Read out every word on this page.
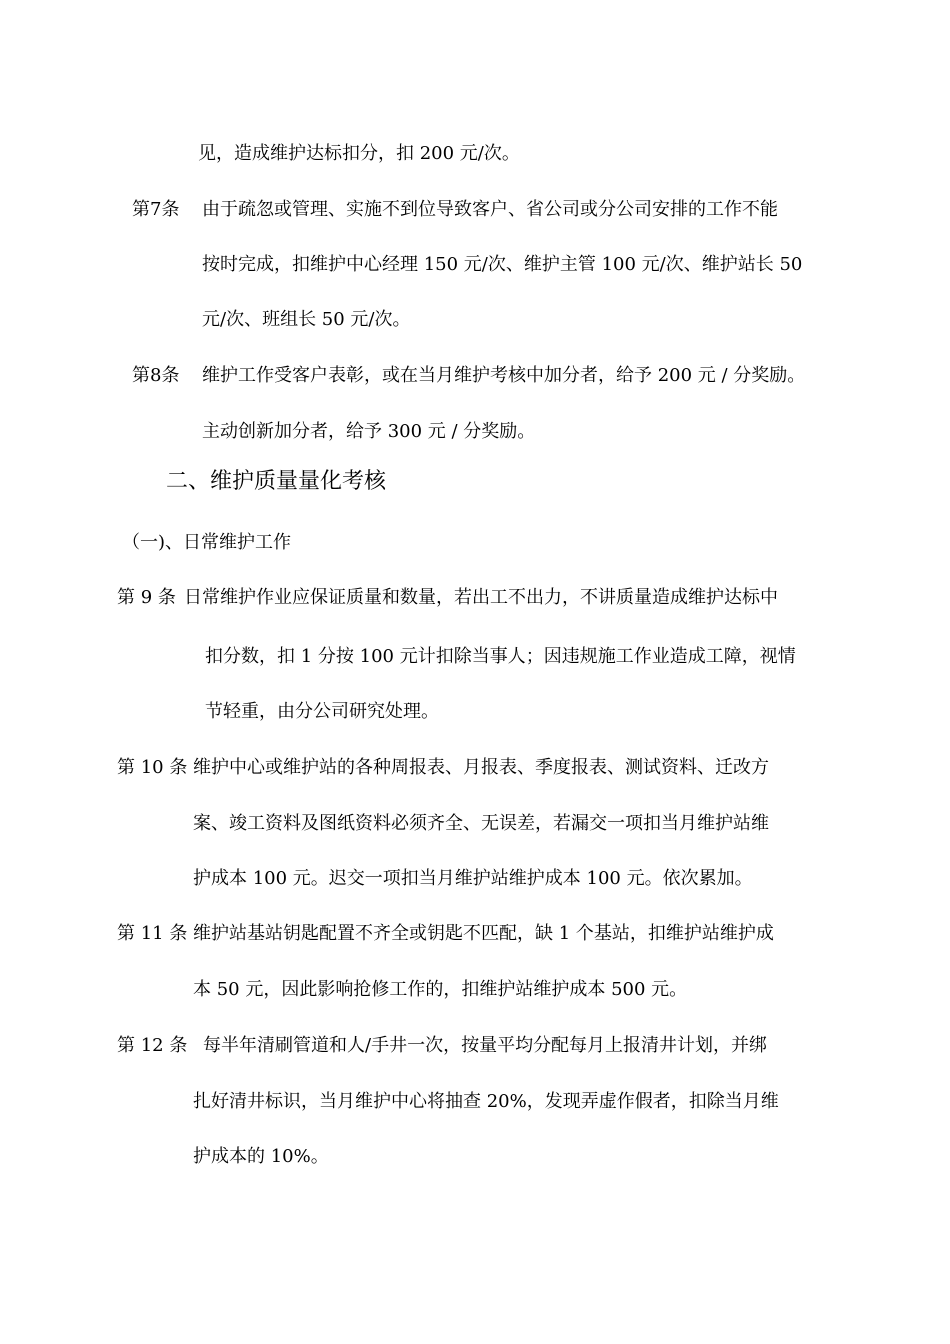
见，造成维护达标扣分，扣 200 元/次。
第7条 由于疏忽或管理、实施不到位导致客户、省公司或分公司安排的工作不能
按时完成，扣维护中心经理 150 元/次、维护主管 100 元/次、维护站长 50
元/次、班组长 50 元/次。
第8条 维护工作受客户表彰，或在当月维护考核中加分者，给予 200 元 / 分奖励。
主动创新加分者，给予 300 元 / 分奖励。
二、维护质量量化考核
（一)、日常维护工作
第 9 条 日常维护作业应保证质量和数量，若出工不出力，不讲质量造成维护达标中
扣分数，扣 1 分按 100 元计扣除当事人；因违规施工作业造成工障，视情
节轻重，由分公司研究处理。
第 10 条 维护中心或维护站的各种周报表、月报表、季度报表、测试资料、迁改方
案、竣工资料及图纸资料必须齐全、无误差，若漏交一项扣当月维护站维
护成本 100 元。迟交一项扣当月维护站维护成本 100 元。依次累加。
第 11 条 维护站基站钥匙配置不齐全或钥匙不匹配，缺 1 个基站，扣维护站维护成
本 50 元，因此影响抢修工作的，扣维护站维护成本 500 元。
第 12 条 每半年清刷管道和人/手井一次，按量平均分配每月上报清井计划，并绑
扎好清井标识，当月维护中心将抽查 20%，发现弄虚作假者，扣除当月维
护成本的 10%。
